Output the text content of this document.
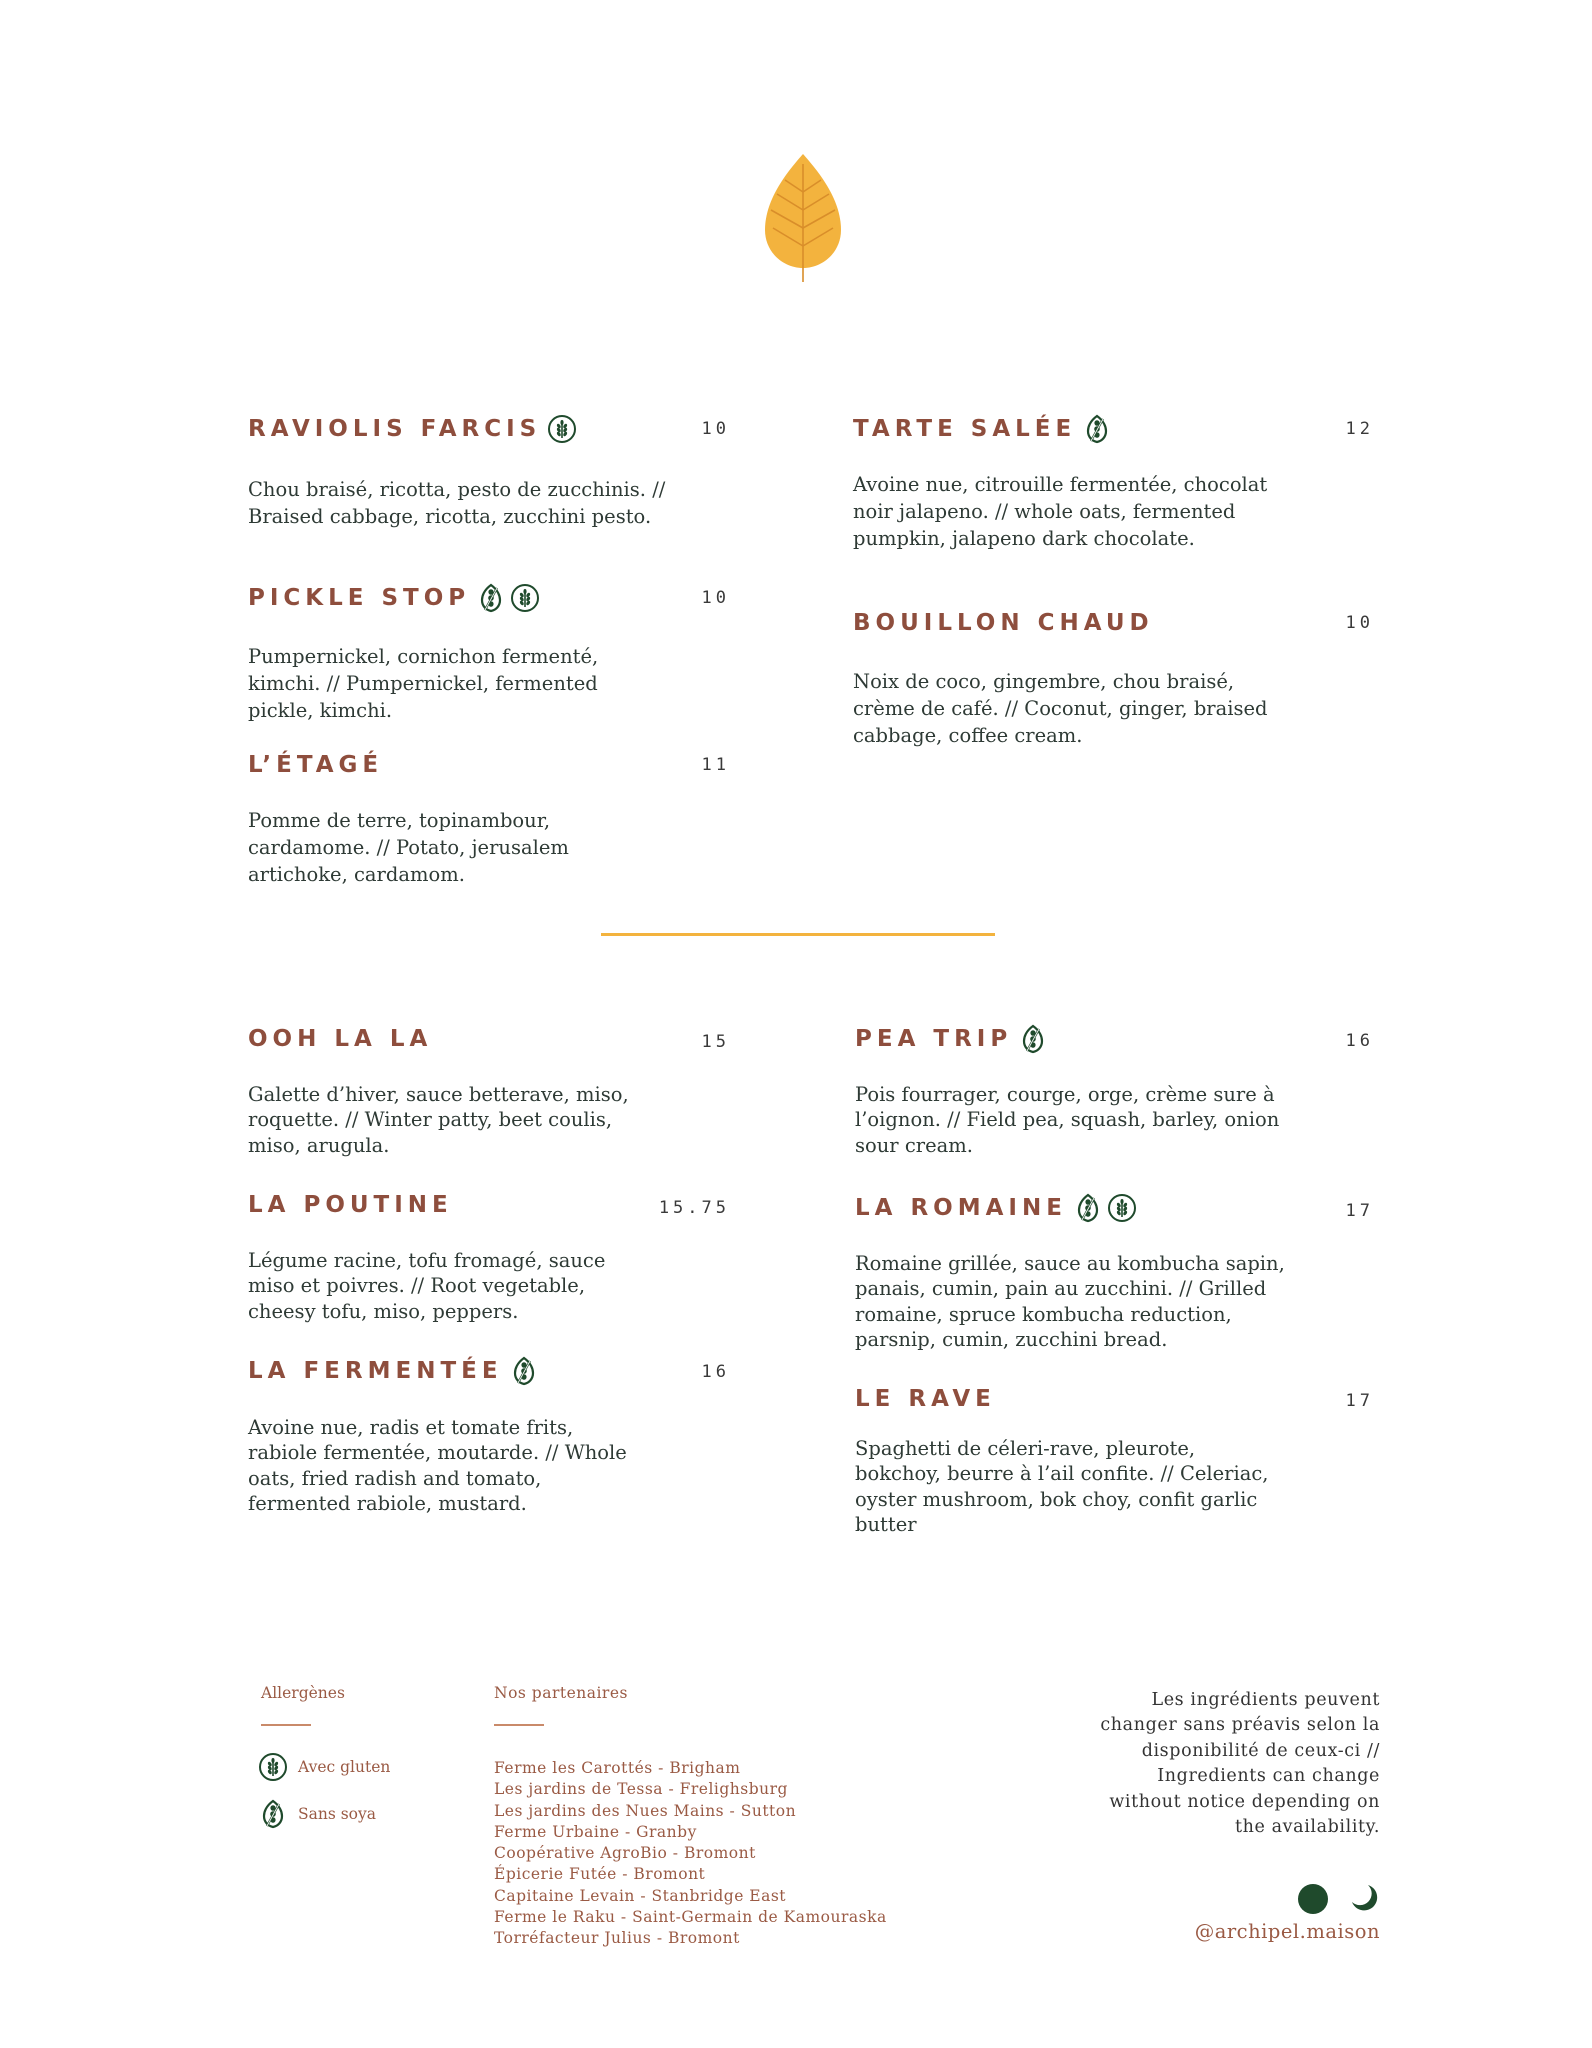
RAVIOLIS FARCIS	10
Chou braisé, ricotta, pesto de zucchinis. // Braised cabbage, ricotta, zucchini pesto.
PICKLE STOP	10
Pumpernickel, cornichon fermenté, kimchi. // Pumpernickel, fermented pickle, kimchi.
L’ÉTAGÉ	11
Pomme de terre, topinambour, cardamome. // Potato, jerusalem artichoke, cardamom.
TARTE SALÉE	12
Avoine nue, citrouille fermentée, chocolat noir jalapeno. // whole oats, fermented pumpkin, jalapeno dark chocolate.
BOUILLON CHAUD	10
Noix de coco, gingembre, chou braisé, crème de café. // Coconut, ginger, braised cabbage, coffee cream.
OOH LA LA	15
Galette d’hiver, sauce betterave, miso, roquette. // Winter patty, beet coulis, miso, arugula.
LA POUTINE	15.75
Légume racine, tofu fromagé, sauce miso et poivres. // Root vegetable, cheesy tofu, miso, peppers.
LA FERMENTÉE	16
Avoine nue, radis et tomate frits, rabiole fermentée, moutarde. // Whole oats, fried radish and tomato, fermented rabiole, mustard.
PEA TRIP	16
Pois fourrager, courge, orge, crème sure à l’oignon. // Field pea, squash, barley, onion sour cream.
LA ROMAINE	17
Romaine grillée, sauce au kombucha sapin, panais, cumin, pain au zucchini. // Grilled romaine, spruce kombucha reduction, parsnip, cumin, zucchini bread.
LE RAVE	17
Spaghetti de céleri-rave, pleurote, bokchoy, beurre à l’ail confite. // Celeriac, oyster mushroom, bok choy, confit garlic butter
Allergènes
Avec gluten
Sans soya
Nos partenaires
Ferme les Carottés - Brigham
Les jardins de Tessa - Frelighsburg
Les jardins des Nues Mains - Sutton
Ferme Urbaine - Granby
Coopérative AgroBio - Bromont
Épicerie Futée - Bromont
Capitaine Levain - Stanbridge East
Ferme le Raku - Saint-Germain de Kamouraska
Torréfacteur Julius - Bromont
Les ingrédients peuvent changer sans préavis selon la disponibilité de ceux-ci // Ingredients can change without notice depending on the availability.
@archipel.maison
